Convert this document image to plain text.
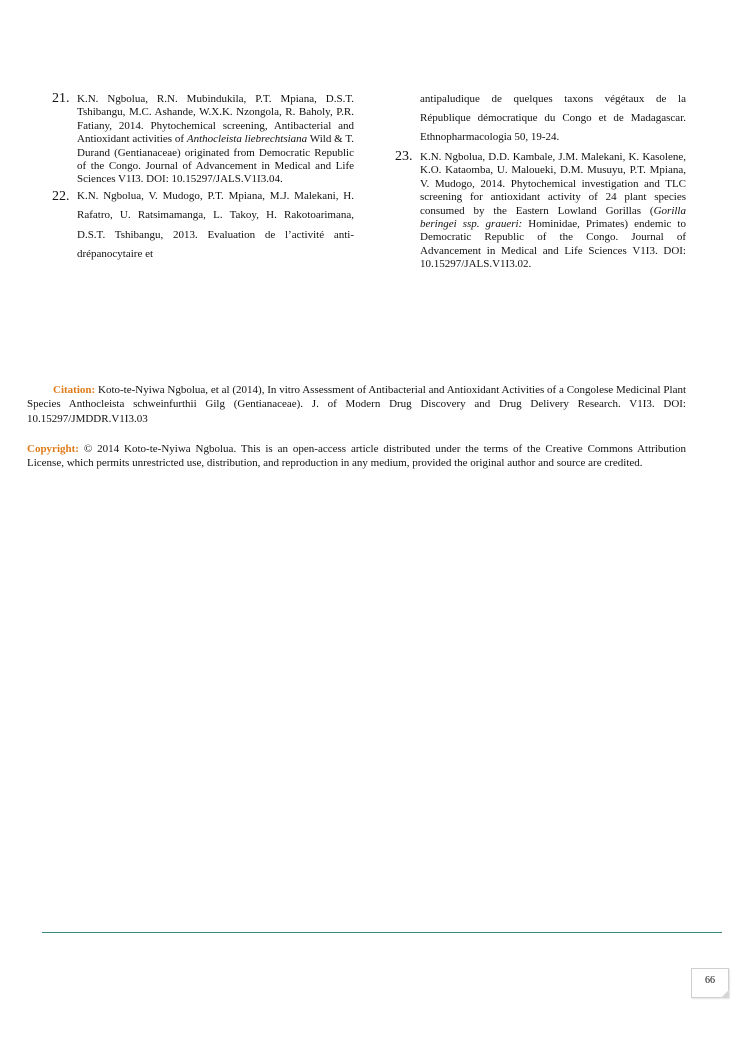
21. K.N. Ngbolua, R.N. Mubindukila, P.T. Mpiana, D.S.T. Tshibangu, M.C. Ashande, W.X.K. Nzongola, R. Baholy, P.R. Fatiany, 2014. Phytochemical screening, Antibacterial and Antioxidant activities of Anthocleista liebrechtsiana Wild & T. Durand (Gentianaceae) originated from Democratic Republic of the Congo. Journal of Advancement in Medical and Life Sciences V1I3. DOI: 10.15297/JALS.V1I3.04.
22. K.N. Ngbolua, V. Mudogo, P.T. Mpiana, M.J. Malekani, H. Rafatro, U. Ratsimamanga, L. Takoy, H. Rakotoarimana, D.S.T. Tshibangu, 2013. Evaluation de l’activité anti-drépanocytaire et
antipaludique de quelques taxons végétaux de la République démocratique du Congo et de Madagascar. Ethnopharmacologia 50, 19-24.
23. K.N. Ngbolua, D.D. Kambale, J.M. Malekani, K. Kasolene, K.O. Kataomba, U. Maloueki, D.M. Musuyu, P.T. Mpiana, V. Mudogo, 2014. Phytochemical investigation and TLC screening for antioxidant activity of 24 plant species consumed by the Eastern Lowland Gorillas (Gorilla beringei ssp. graueri: Hominidae, Primates) endemic to Democratic Republic of the Congo. Journal of Advancement in Medical and Life Sciences V1I3. DOI: 10.15297/JALS.V1I3.02.
Citation: Koto-te-Nyiwa Ngbolua, et al (2014), In vitro Assessment of Antibacterial and Antioxidant Activities of a Congolese Medicinal Plant Species Anthocleista schweinfurthii Gilg (Gentianaceae). J. of Modern Drug Discovery and Drug Delivery Research. V1I3. DOI: 10.15297/JMDDR.V1I3.03
Copyright: © 2014 Koto-te-Nyiwa Ngbolua. This is an open-access article distributed under the terms of the Creative Commons Attribution License, which permits unrestricted use, distribution, and reproduction in any medium, provided the original author and source are credited.
66
